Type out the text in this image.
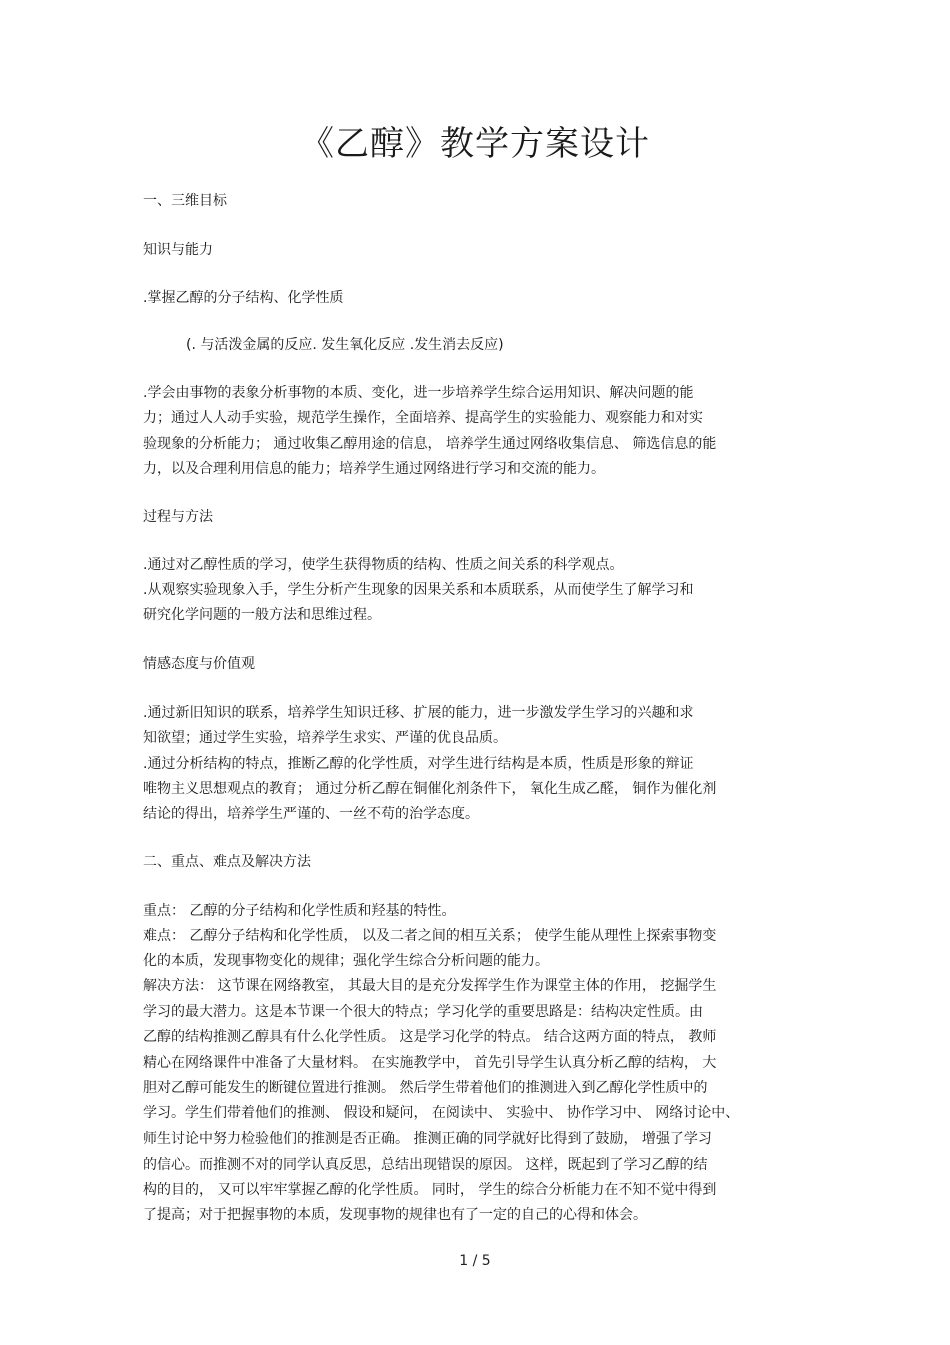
《乙醇》教学方案设计
一、三维目标
知识与能力
.掌握乙醇的分子结构、化学性质
(. 与活泼金属的反应. 发生氧化反应 .发生消去反应)
.学会由事物的表象分析事物的本质、变化，进一步培养学生综合运用知识、解决问题的能
力；通过人人动手实验，规范学生操作，全面培养、提高学生的实验能力、观察能力和对实
验现象的分析能力； 通过收集乙醇用途的信息， 培养学生通过网络收集信息、 筛选信息的能
力，以及合理利用信息的能力；培养学生通过网络进行学习和交流的能力。
过程与方法
.通过对乙醇性质的学习，使学生获得物质的结构、性质之间关系的科学观点。
.从观察实验现象入手，学生分析产生现象的因果关系和本质联系，从而使学生了解学习和
研究化学问题的一般方法和思维过程。
情感态度与价值观
.通过新旧知识的联系，培养学生知识迁移、扩展的能力，进一步激发学生学习的兴趣和求
知欲望；通过学生实验，培养学生求实、严谨的优良品质。
.通过分析结构的特点，推断乙醇的化学性质，对学生进行结构是本质，性质是形象的辩证
唯物主义思想观点的教育； 通过分析乙醇在铜催化剂条件下， 氧化生成乙醛， 铜作为催化剂
结论的得出，培养学生严谨的、一丝不苟的治学态度。
二、重点、难点及解决方法
重点： 乙醇的分子结构和化学性质和羟基的特性。
难点： 乙醇分子结构和化学性质， 以及二者之间的相互关系； 使学生能从理性上探索事物变
化的本质，发现事物变化的规律；强化学生综合分析问题的能力。
解决方法： 这节课在网络教室， 其最大目的是充分发挥学生作为课堂主体的作用， 挖掘学生
学习的最大潜力。这是本节课一个很大的特点；学习化学的重要思路是：结构决定性质。由
乙醇的结构推测乙醇具有什么化学性质。 这是学习化学的特点。 结合这两方面的特点， 教师
精心在网络课件中准备了大量材料。 在实施教学中， 首先引导学生认真分析乙醇的结构， 大
胆对乙醇可能发生的断键位置进行推测。 然后学生带着他们的推测进入到乙醇化学性质中的
学习。学生们带着他们的推测、 假设和疑问， 在阅读中、 实验中、 协作学习中、 网络讨论中、
师生讨论中努力检验他们的推测是否正确。 推测正确的同学就好比得到了鼓励， 增强了学习
的信心。而推测不对的同学认真反思，总结出现错误的原因。 这样，既起到了学习乙醇的结
构的目的， 又可以牢牢掌握乙醇的化学性质。 同时， 学生的综合分析能力在不知不觉中得到
了提高；对于把握事物的本质，发现事物的规律也有了一定的自己的心得和体会。
1 / 5
